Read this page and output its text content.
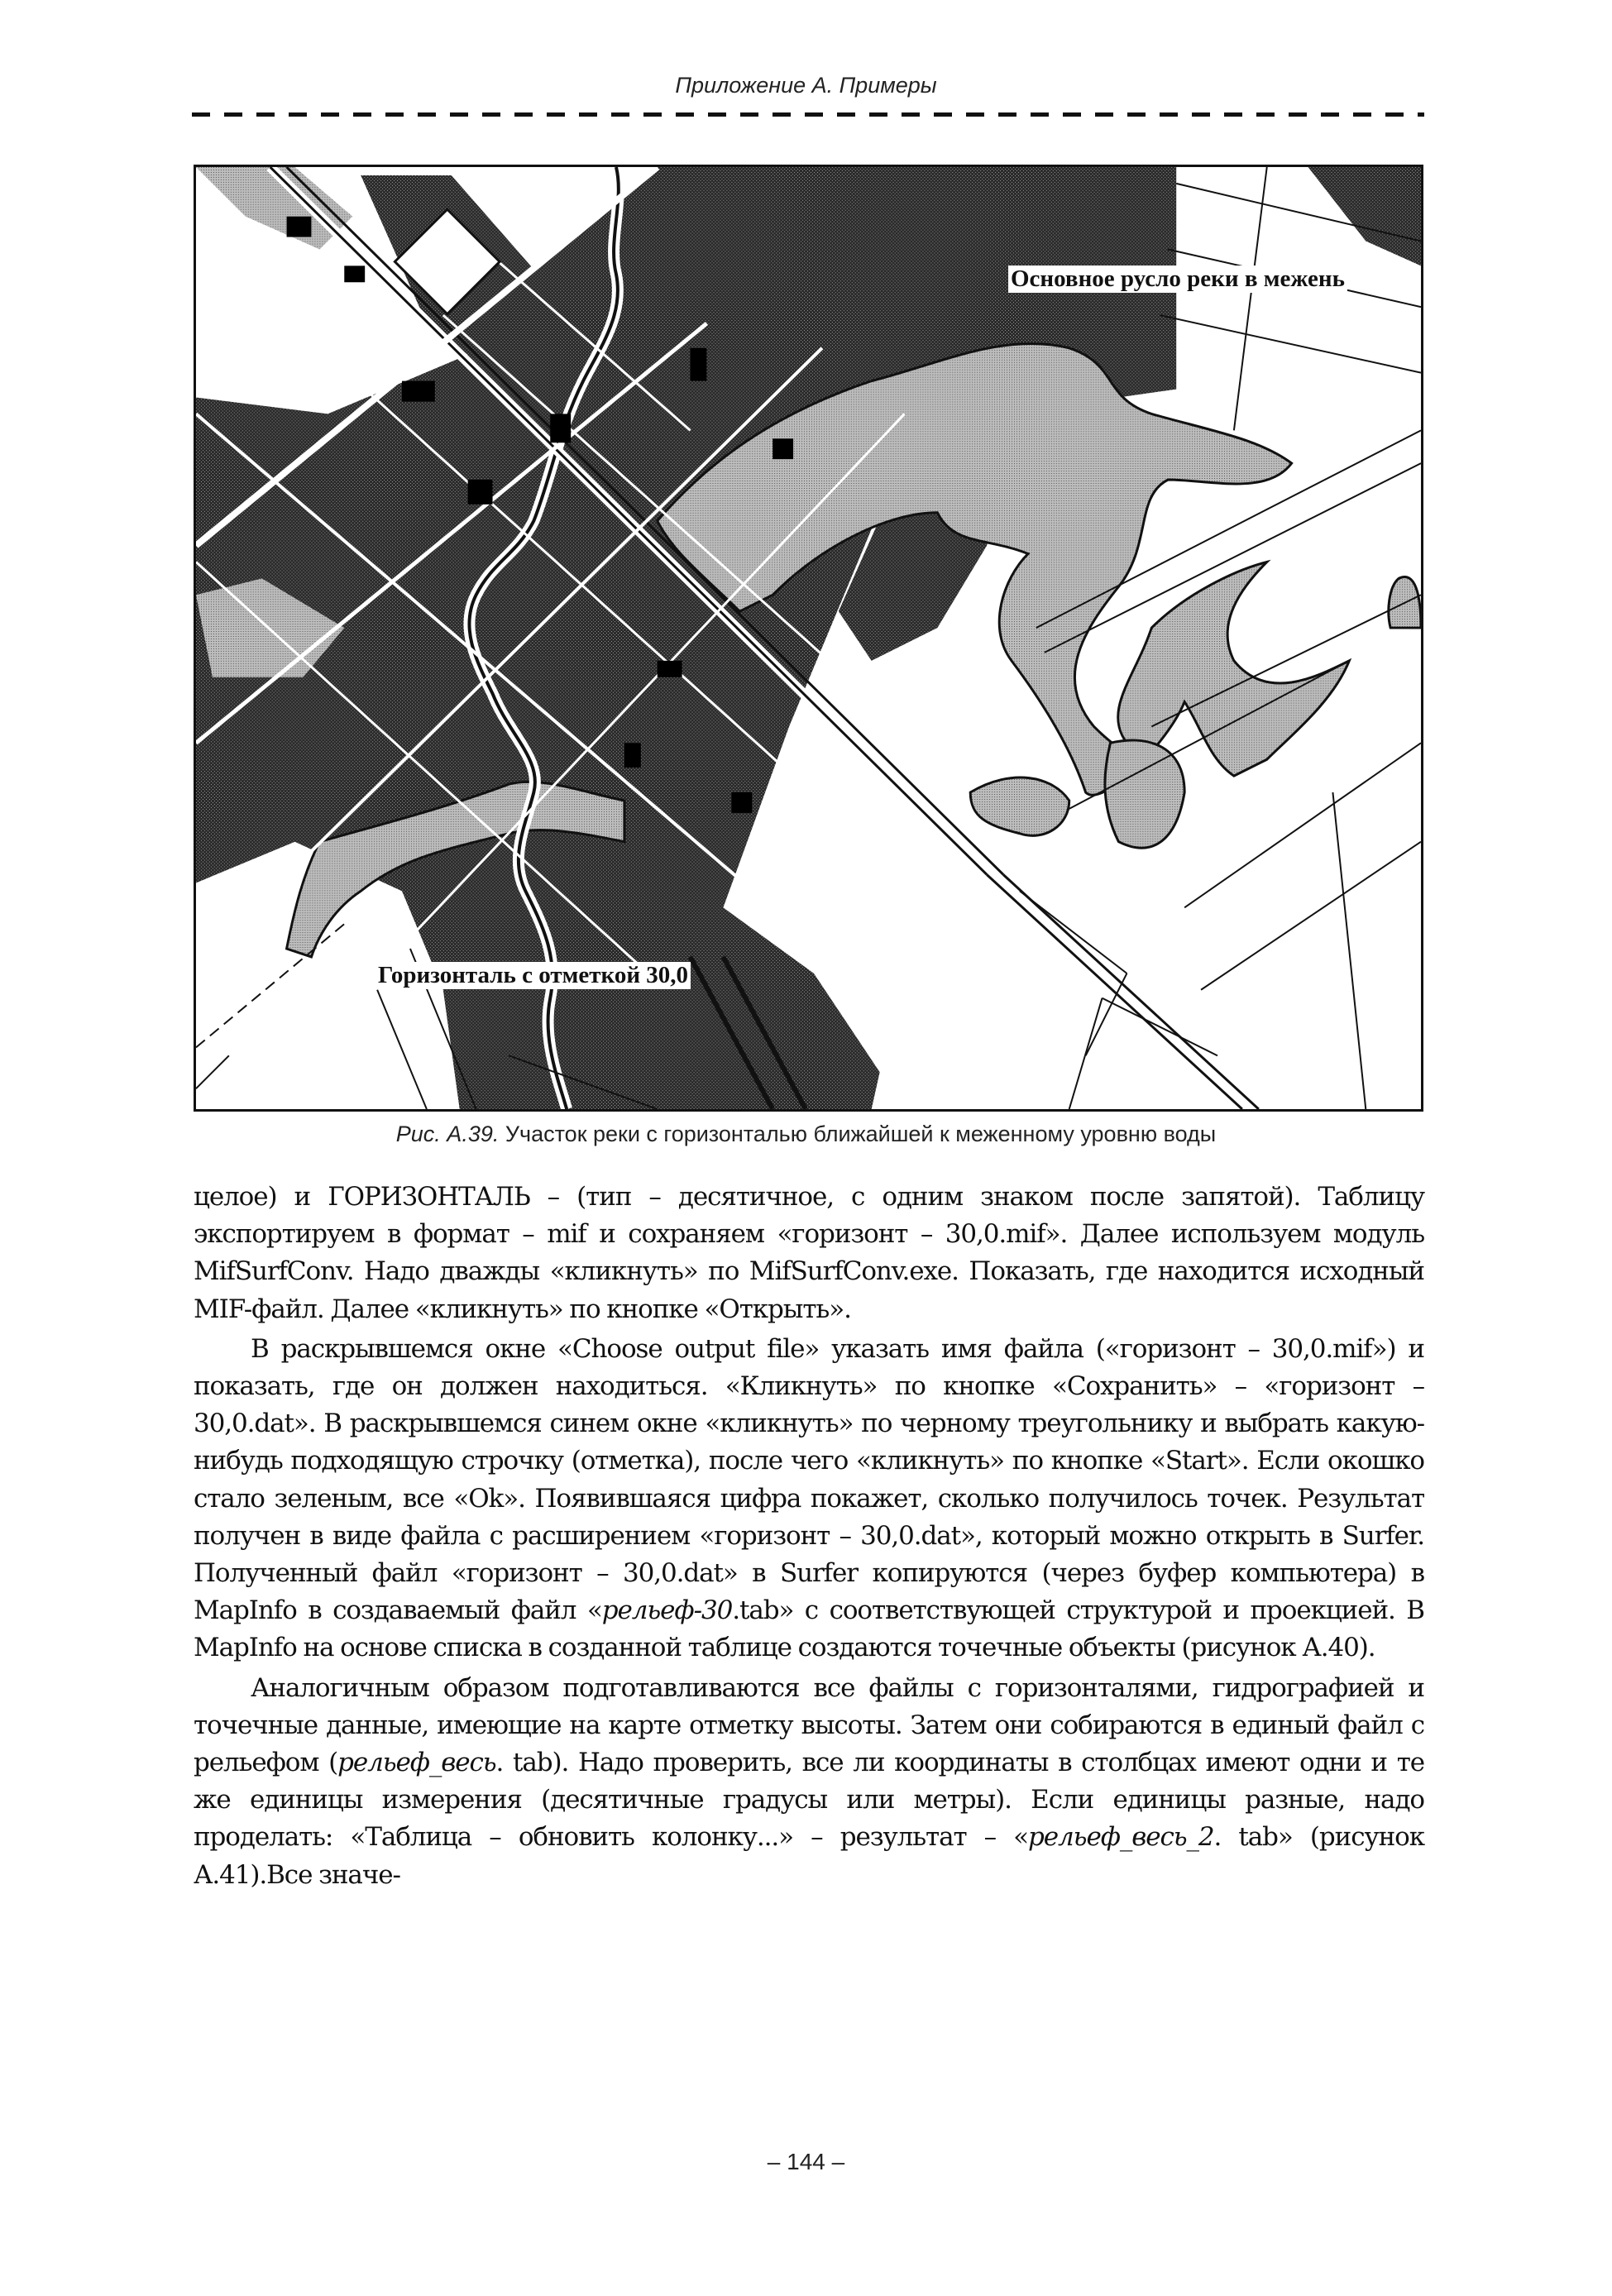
Приложение А. Примеры
Основное русло реки в межень
Горизонталь с отметкой 30,0
Рис. А.39. Участок реки с горизонталью ближайшей к меженному уровню воды

целое) и ГОРИЗОНТАЛЬ – (тип – десятичное, с одним знаком после запятой). Таблицу экспортируем в формат – mif и сохраняем «горизонт – 30,0.mif». Далее используем модуль MifSurfConv. Надо дважды «кликнуть» по MifSurfConv.exe. Показать, где находится исходный MIF-файл. Далее «кликнуть» по кнопке «Открыть».

В раскрывшемся окне «Choose output file» указать имя файла («горизонт – 30,0.mif») и показать, где он должен находиться. «Кликнуть» по кнопке «Сохранить» – «горизонт – 30,0.dat». В раскрывшемся синем окне «кликнуть» по черному треугольнику и выбрать какую-нибудь подходящую строчку (отметка), после чего «кликнуть» по кнопке «Start». Если окошко стало зеленым, все «Ok». Появившаяся цифра покажет, сколько получилось точек. Результат получен в виде файла с расширением «горизонт – 30,0.dat», который можно открыть в Surfer. Полученный файл «горизонт – 30,0.dat» в Surfer копируются (через буфер компьютера) в MapInfo в создаваемый файл «рельеф-30.tab» с соответствующей структурой и проекцией. В MapInfo на основе списка в созданной таблице создаются точечные объекты (рисунок А.40).

Аналогичным образом подготавливаются все файлы с горизонталями, гидрографией и точечные данные, имеющие на карте отметку высоты. Затем они собираются в единый файл с рельефом (рельеф_весь. tab). Надо проверить, все ли координаты в столбцах имеют одни и те же единицы измерения (десятичные градусы или метры). Если единицы разные, надо проделать: «Таблица – обновить колонку...» – результат – «рельеф_весь_2. tab» (рисунок А.41).Все значе-

– 144 –
